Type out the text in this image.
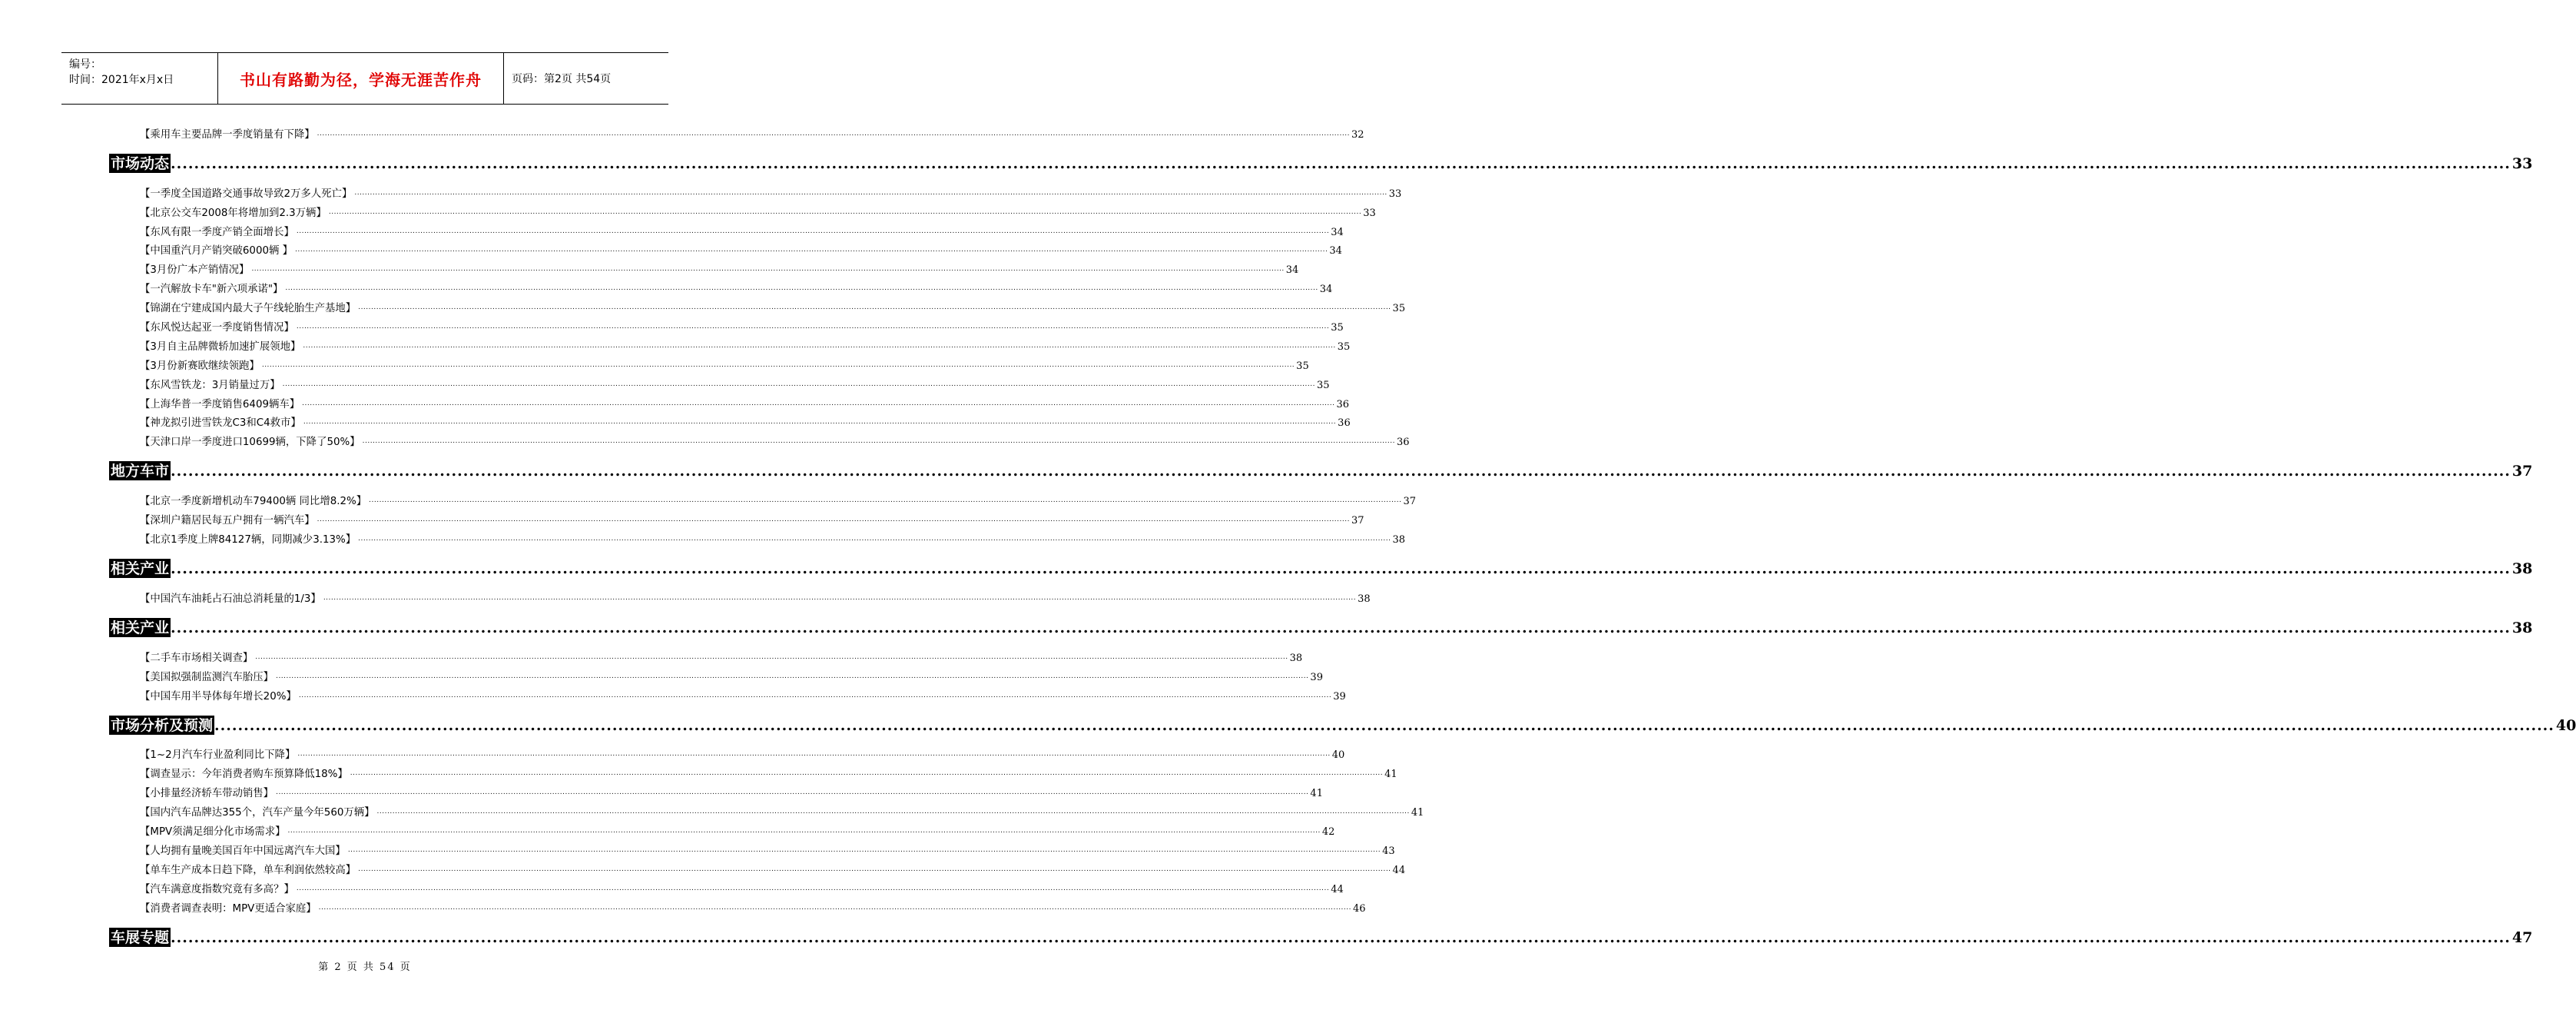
编号：
时间：2021年x月x日	书山有路勤为径，学海无涯苦作舟	页码：第2页 共54页
【乘用车主要品牌一季度销量有下降】 ................................................................................................................................................................................................................................................................................................................................................................................................................ 32
市场动态 ................................................................................................................................................................................................................................................................................................................................................................................................................ 33
【一季度全国道路交通事故导致2万多人死亡】 ................................................................................................................................................................................................................................................................................................................................................................................................................ 33
【北京公交车2008年将增加到2.3万辆】 ................................................................................................................................................................................................................................................................................................................................................................................................................ 33
【东风有限一季度产销全面增长】 ................................................................................................................................................................................................................................................................................................................................................................................................................ 34
【中国重汽月产销突破6000辆 】 ................................................................................................................................................................................................................................................................................................................................................................................................................ 34
【3月份广本产销情况】 ................................................................................................................................................................................................................................................................................................................................................................................................................ 34
【一汽解放卡车"新六项承诺"】 ................................................................................................................................................................................................................................................................................................................................................................................................................ 34
【锦湖在宁建成国内最大子午线轮胎生产基地】 ................................................................................................................................................................................................................................................................................................................................................................................................................ 35
【东风悦达起亚一季度销售情况】 ................................................................................................................................................................................................................................................................................................................................................................................................................ 35
【3月自主品牌微轿加速扩展领地】 ................................................................................................................................................................................................................................................................................................................................................................................................................ 35
【3月份新赛欧继续领跑】 ................................................................................................................................................................................................................................................................................................................................................................................................................ 35
【东风雪铁龙：3月销量过万】 ................................................................................................................................................................................................................................................................................................................................................................................................................ 35
【上海华普一季度销售6409辆车】 ................................................................................................................................................................................................................................................................................................................................................................................................................ 36
【神龙拟引进雪铁龙C3和C4救市】 ................................................................................................................................................................................................................................................................................................................................................................................................................ 36
【天津口岸一季度进口10699辆，下降了50%】 ................................................................................................................................................................................................................................................................................................................................................................................................................ 36
地方车市 ................................................................................................................................................................................................................................................................................................................................................................................................................ 37
【北京一季度新增机动车79400辆 同比增8.2%】 ................................................................................................................................................................................................................................................................................................................................................................................................................ 37
【深圳户籍居民每五户拥有一辆汽车】 ................................................................................................................................................................................................................................................................................................................................................................................................................ 37
【北京1季度上牌84127辆，同期减少3.13%】 ................................................................................................................................................................................................................................................................................................................................................................................................................ 38
相关产业 ................................................................................................................................................................................................................................................................................................................................................................................................................ 38
【中国汽车油耗占石油总消耗量的1/3】 ................................................................................................................................................................................................................................................................................................................................................................................................................ 38
相关产业 ................................................................................................................................................................................................................................................................................................................................................................................................................ 38
【二手车市场相关调查】 ................................................................................................................................................................................................................................................................................................................................................................................................................ 38
【美国拟强制监测汽车胎压】 ................................................................................................................................................................................................................................................................................................................................................................................................................ 39
【中国车用半导体每年增长20%】 ................................................................................................................................................................................................................................................................................................................................................................................................................ 39
市场分析及预测 ................................................................................................................................................................................................................................................................................................................................................................................................................ 40
【1~2月汽车行业盈利同比下降】 ................................................................................................................................................................................................................................................................................................................................................................................................................ 40
【调查显示：今年消费者购车预算降低18%】 ................................................................................................................................................................................................................................................................................................................................................................................................................ 41
【小排量经济轿车带动销售】 ................................................................................................................................................................................................................................................................................................................................................................................................................ 41
【国内汽车品牌达355个，汽车产量今年560万辆】 ................................................................................................................................................................................................................................................................................................................................................................................................................ 41
【MPV须满足细分化市场需求】 ................................................................................................................................................................................................................................................................................................................................................................................................................ 42
【人均拥有量晚美国百年中国远离汽车大国】 ................................................................................................................................................................................................................................................................................................................................................................................................................ 43
【单车生产成本日趋下降，单车利润依然较高】 ................................................................................................................................................................................................................................................................................................................................................................................................................ 44
【汽车满意度指数究竟有多高？】 ................................................................................................................................................................................................................................................................................................................................................................................................................ 44
【消费者调查表明：MPV更适合家庭】 ................................................................................................................................................................................................................................................................................................................................................................................................................ 46
车展专题 ................................................................................................................................................................................................................................................................................................................................................................................................................ 47
第 2 页 共 54 页
